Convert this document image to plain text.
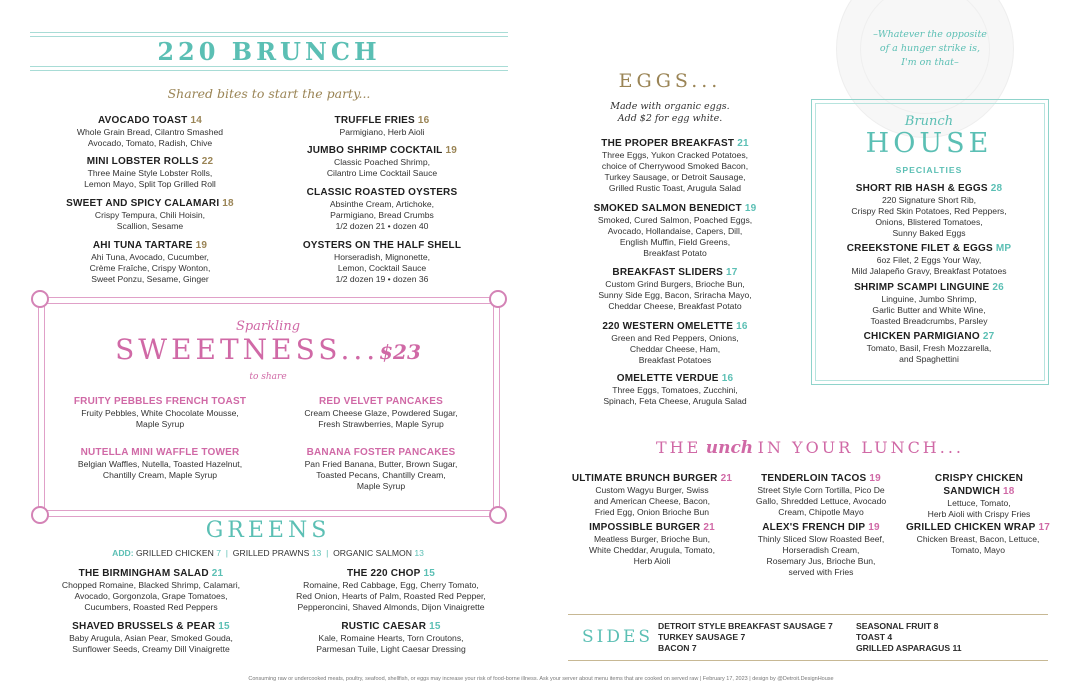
–Whatever the opposite
of a hunger strike is,
I'm on that–
220 BRUNCH
Shared bites to start the party...
AVOCADO TOAST 14
Whole Grain Bread, Cilantro Smashed
Avocado, Tomato, Radish, Chive
TRUFFLE FRIES 16
Parmigiano, Herb Aioli
MINI LOBSTER ROLLS 22
Three Maine Style Lobster Rolls,
Lemon Mayo, Split Top Grilled Roll
JUMBO SHRIMP COCKTAIL 19
Classic Poached Shrimp,
Cilantro Lime Cocktail Sauce
SWEET AND SPICY CALAMARI 18
Crispy Tempura, Chili Hoisin,
Scallion, Sesame
CLASSIC ROASTED OYSTERS
Absinthe Cream, Artichoke,
Parmigiano, Bread Crumbs
1/2 dozen 21 • dozen 40
AHI TUNA TARTARE 19
Ahi Tuna, Avocado, Cucumber,
Crème Fraîche, Crispy Wonton,
Sweet Ponzu, Sesame, Ginger
OYSTERS ON THE HALF SHELL
Horseradish, Mignonette,
Lemon, Cocktail Sauce
1/2 dozen 19 • dozen 36
Sparkling
SWEETNESS...$23
to share
FRUITY PEBBLES FRENCH TOAST
Fruity Pebbles, White Chocolate Mousse,
Maple Syrup
RED VELVET PANCAKES
Cream Cheese Glaze, Powdered Sugar,
Fresh Strawberries, Maple Syrup
NUTELLA MINI WAFFLE TOWER
Belgian Waffles, Nutella, Toasted Hazelnut,
Chantilly Cream, Maple Syrup
BANANA FOSTER PANCAKES
Pan Fried Banana, Butter, Brown Sugar,
Toasted Pecans, Chantilly Cream,
Maple Syrup
GREENS
ADD: GRILLED CHICKEN 7 | GRILLED PRAWNS 13 | ORGANIC SALMON 13
THE BIRMINGHAM SALAD 21
Chopped Romaine, Blacked Shrimp, Calamari,
Avocado, Gorgonzola, Grape Tomatoes,
Cucumbers, Roasted Red Peppers
THE 220 CHOP 15
Romaine, Red Cabbage, Egg, Cherry Tomato,
Red Onion, Hearts of Palm, Roasted Red Pepper,
Pepperoncini, Shaved Almonds, Dijon Vinaigrette
SHAVED BRUSSELS & PEAR 15
Baby Arugula, Asian Pear, Smoked Gouda,
Sunflower Seeds, Creamy Dill Vinaigrette
RUSTIC CAESAR 15
Kale, Romaine Hearts, Torn Croutons,
Parmesan Tuile, Light Caesar Dressing
EGGS...
Made with organic eggs.
Add $2 for egg white.
THE PROPER BREAKFAST 21
Three Eggs, Yukon Cracked Potatoes,
choice of Cherrywood Smoked Bacon,
Turkey Sausage, or Detroit Sausage,
Grilled Rustic Toast, Arugula Salad
SMOKED SALMON BENEDICT 19
Smoked, Cured Salmon, Poached Eggs,
Avocado, Hollandaise, Capers, Dill,
English Muffin, Field Greens,
Breakfast Potato
BREAKFAST SLIDERS 17
Custom Grind Burgers, Brioche Bun,
Sunny Side Egg, Bacon, Sriracha Mayo,
Cheddar Cheese, Breakfast Potato
220 WESTERN OMELETTE 16
Green and Red Peppers, Onions,
Cheddar Cheese, Ham,
Breakfast Potatoes
OMELETTE VERDUE 16
Three Eggs, Tomatoes, Zucchini,
Spinach, Feta Cheese, Arugula Salad
Brunch
HOUSE
SPECIALTIES
SHORT RIB HASH & EGGS 28
220 Signature Short Rib,
Crispy Red Skin Potatoes, Red Peppers,
Onions, Blistered Tomatoes,
Sunny Baked Eggs
CREEKSTONE FILET & EGGS MP
6oz Filet, 2 Eggs Your Way,
Mild Jalapeño Gravy, Breakfast Potatoes
SHRIMP SCAMPI LINGUINE 26
Linguine, Jumbo Shrimp,
Garlic Butter and White Wine,
Toasted Breadcrumbs, Parsley
CHICKEN PARMIGIANO 27
Tomato, Basil, Fresh Mozzarella,
and Spaghettini
THE unch IN YOUR LUNCH...
ULTIMATE BRUNCH BURGER 21
Custom Wagyu Burger, Swiss
and American Cheese, Bacon,
Fried Egg, Onion Brioche Bun
TENDERLOIN TACOS 19
Street Style Corn Tortilla, Pico De
Gallo, Shredded Lettuce, Avocado
Cream, Chipotle Mayo
CRISPY CHICKEN
SANDWICH 18
Lettuce, Tomato,
Herb Aioli with Crispy Fries
IMPOSSIBLE BURGER 21
Meatless Burger, Brioche Bun,
White Cheddar, Arugula, Tomato,
Herb Aioli
ALEX'S FRENCH DIP 19
Thinly Sliced Slow Roasted Beef,
Horseradish Cream,
Rosemary Jus, Brioche Bun,
served with Fries
GRILLED CHICKEN WRAP 17
Chicken Breast, Bacon, Lettuce,
Tomato, Mayo
SIDES
DETROIT STYLE BREAKFAST SAUSAGE 7
TURKEY SAUSAGE 7
BACON 7
SEASONAL FRUIT 8
TOAST 4
GRILLED ASPARAGUS 11
Consuming raw or undercooked meats, poultry, seafood, shellfish, or eggs may increase your risk of food-borne illness. Ask your server about menu items that are cooked on served raw | February 17, 2023 | design by @Detroit.DesignHouse
